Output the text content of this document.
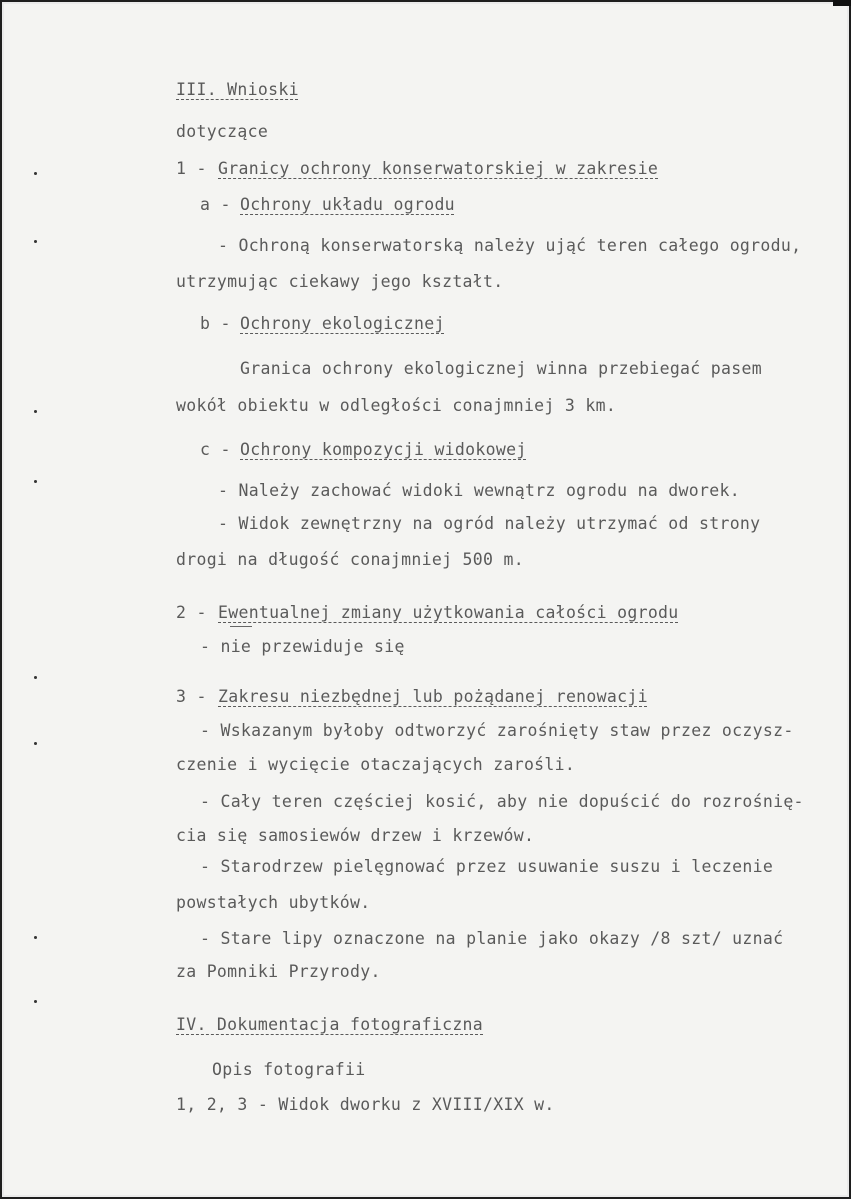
III. Wnioski
dotyczące
1 - Granicy ochrony konserwatorskiej w zakresie
a - Ochrony układu ogrodu
- Ochroną konserwatorską należy ująć teren całego ogrodu,
utrzymując ciekawy jego kształt.
b - Ochrony ekologicznej
Granica ochrony ekologicznej winna przebiegać pasem
wokół obiektu w odległości conajmniej 3 km.
c - Ochrony kompozycji widokowej
- Należy zachować widoki wewnątrz ogrodu na dworek.
- Widok zewnętrzny na ogród należy utrzymać od strony
drogi na długość conajmniej 500 m.
2 - Ewentualnej zmiany użytkowania całości ogrodu
- nie przewiduje się
3 - Zakresu niezbędnej lub pożądanej renowacji
- Wskazanym byłoby odtworzyć zarośnięty staw przez oczysz-
czenie i wycięcie otaczających zarośli.
- Cały teren częściej kosić, aby nie dopuścić do rozrośnię-
cia się samosiewów drzew i krzewów.
- Starodrzew pielęgnować przez usuwanie suszu i leczenie
powstałych ubytków.
- Stare lipy oznaczone na planie jako okazy /8 szt/ uznać
za Pomniki Przyrody.
IV. Dokumentacja fotograficzna
Opis fotografii
1, 2, 3 - Widok dworku z XVIII/XIX w.
